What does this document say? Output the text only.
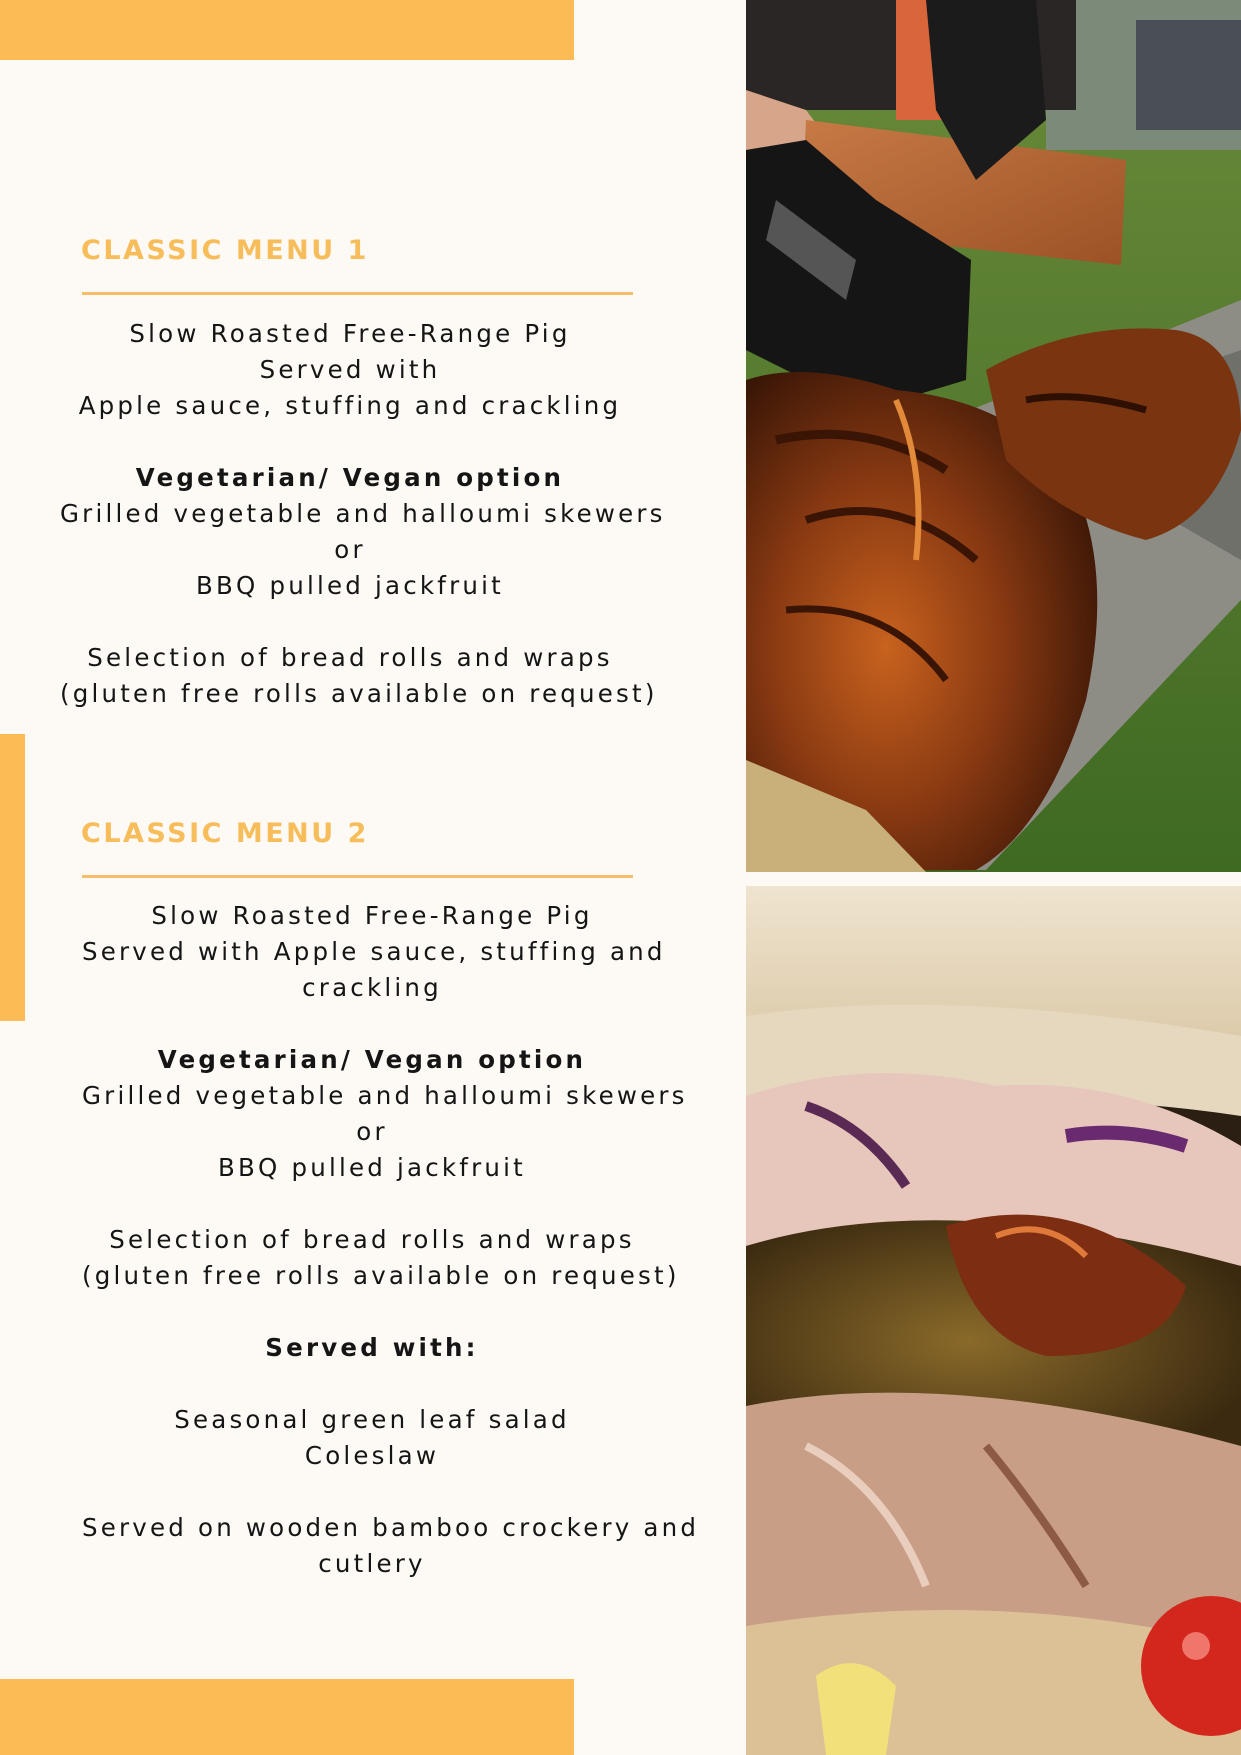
CLASSIC MENU 1
Slow Roasted Free-Range Pig
Served with
Apple sauce, stuffing and crackling
Vegetarian/ Vegan option
Grilled vegetable and halloumi skewers
or
BBQ pulled jackfruit
Selection of bread rolls and wraps
(gluten free rolls available on request)
CLASSIC MENU 2
Slow Roasted Free-Range Pig
Served with Apple sauce, stuffing and
crackling
Vegetarian/ Vegan option
Grilled vegetable and halloumi skewers
or
BBQ pulled jackfruit
Selection of bread rolls and wraps
(gluten free rolls available on request)
Served with:
Seasonal green leaf salad
Coleslaw
Served on wooden bamboo crockery and
cutlery
